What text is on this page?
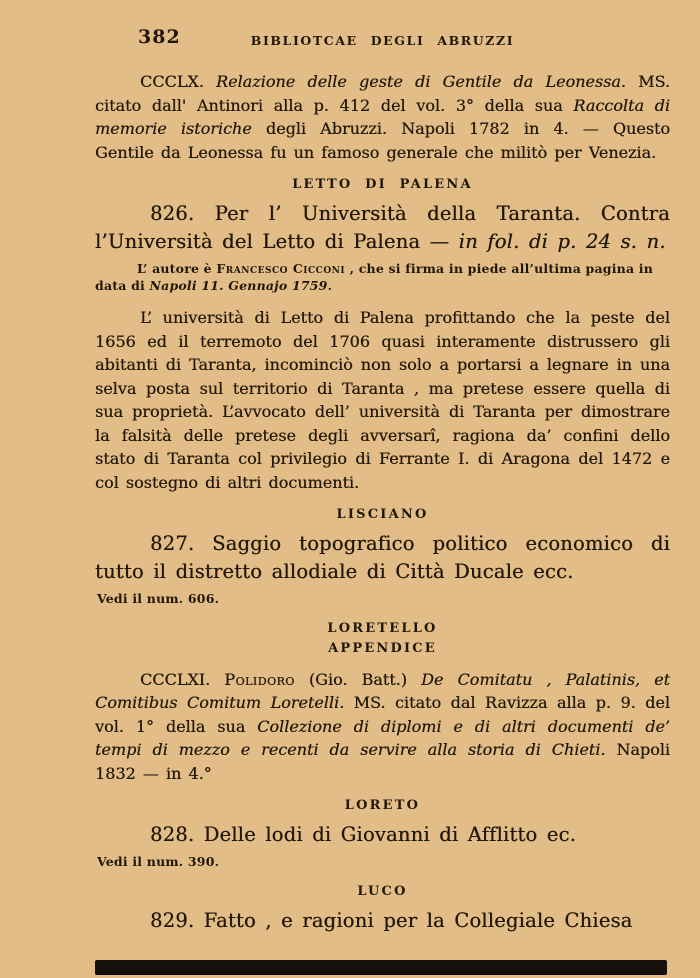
382	BIBLIOTCAE DEGLI ABRUZZI
CCCLX. Relazione delle geste di Gentile da Leonessa. MS. citato dall' Antinori alla p. 412 del vol. 3° della sua Raccolta di memorie istoriche degli Abruzzi. Napoli 1782 in 4. — Questo Gentile da Leonessa fu un famoso generale che militò per Venezia.
LETTO DI PALENA
826. Per l’ Università della Taranta. Contra l’Università del Letto di Palena — in fol. di p. 24 s. n.
L’ autore è Francesco Cicconi , che si firma in piede all’ultima pagina in data di Napoli 11. Gennajo 1759.
L’ università di Letto di Palena profittando che la peste del 1656 ed il terremoto del 1706 quasi interamente distrussero gli abitanti di Taranta, incominciò non solo a portarsi a legnare in una selva posta sul territorio di Taranta , ma pretese essere quella di sua proprietà. L’avvocato dell’ università di Taranta per dimostrare la falsità delle pretese degli avversarî, ragiona da’ confini dello stato di Taranta col privilegio di Ferrante I. di Aragona del 1472 e col sostegno di altri documenti.
LISCIANO
827. Saggio topografico politico economico di tutto il distretto allodiale di Città Ducale ecc.
Vedi il num. 606.
LORETELLO
APPENDICE
CCCLXI. Polidoro (Gio. Batt.) De Comitatu , Palatinis, et Comitibus Comitum Loretelli. MS. citato dal Ravizza alla p. 9. del vol. 1° della sua Collezione di diplomi e di altri documenti de’ tempi di mezzo e recenti da servire alla storia di Chieti. Napoli 1832 — in 4.°
LORETO
828. Delle lodi di Giovanni di Afflitto ec.
Vedi il num. 390.
LUCO
829. Fatto , e ragioni per la Collegiale Chiesa
